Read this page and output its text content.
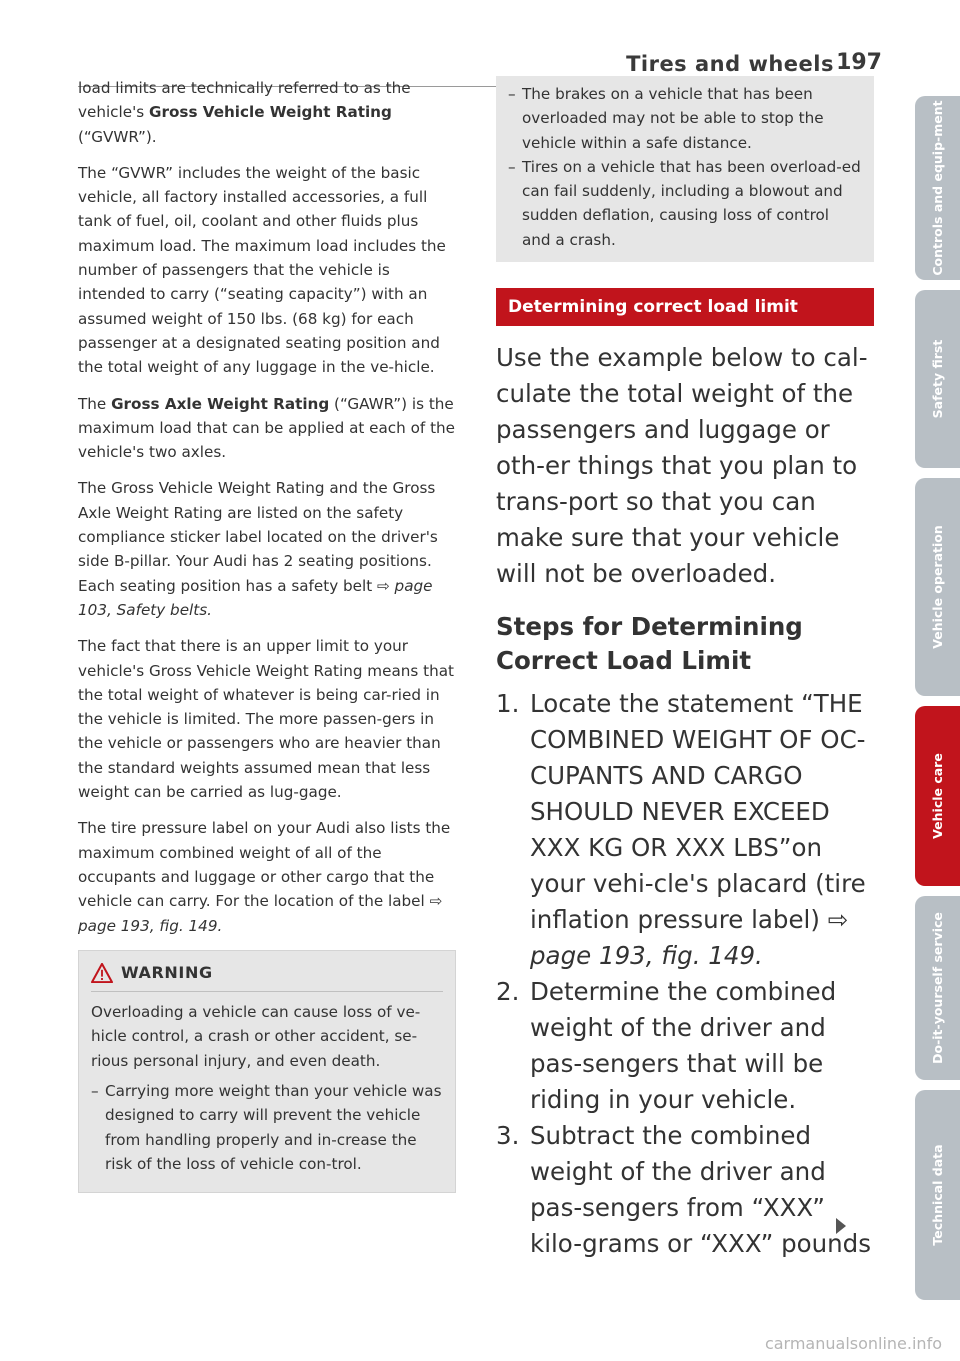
Tires and wheels 197

load limits are technically referred to as the vehicle's Gross Vehicle Weight Rating (“GVWR”).

The “GVWR” includes the weight of the basic vehicle, all factory installed accessories, a full tank of fuel, oil, coolant and other fluids plus maximum load. The maximum load includes the number of passengers that the vehicle is intended to carry (“seating capacity”) with an assumed weight of 150 lbs. (68 kg) for each passenger at a designated seating position and the total weight of any luggage in the ve-hicle.

The Gross Axle Weight Rating (“GAWR”) is the maximum load that can be applied at each of the vehicle's two axles.

The Gross Vehicle Weight Rating and the Gross Axle Weight Rating are listed on the safety compliance sticker label located on the driver's side B-pillar. Your Audi has 2 seating positions. Each seating position has a safety belt ⇨ page 103, Safety belts.

The fact that there is an upper limit to your vehicle's Gross Vehicle Weight Rating means that the total weight of whatever is being car-ried in the vehicle is limited. The more passen-gers in the vehicle or passengers who are heavier than the standard weights assumed mean that less weight can be carried as lug-gage.

The tire pressure label on your Audi also lists the maximum combined weight of all of the occupants and luggage or other cargo that the vehicle can carry. For the location of the label ⇨ page 193, fig. 149.

WARNING

Overloading a vehicle can cause loss of ve-hicle control, a crash or other accident, se-rious personal injury, and even death.

– Carrying more weight than your vehicle was designed to carry will prevent the vehicle from handling properly and in-crease the risk of the loss of vehicle con-trol.
– The brakes on a vehicle that has been overloaded may not be able to stop the vehicle within a safe distance.
– Tires on a vehicle that has been overload-ed can fail suddenly, including a blowout and sudden deflation, causing loss of control and a crash.
Determining correct load limit

Use the example below to cal-culate the total weight of the passengers and luggage or oth-er things that you plan to trans-port so that you can make sure that your vehicle will not be overloaded.

Steps for Determining Correct Load Limit
1. Locate the statement “THE COMBINED WEIGHT OF OC-CUPANTS AND CARGO SHOULD NEVER EXCEED XXX KG OR XXX LBS”on your vehi-cle's placard (tire inflation pressure label) ⇨ page 193, fig. 149.
2. Determine the combined weight of the driver and pas-sengers that will be riding in your vehicle.
3. Subtract the combined weight of the driver and pas-sengers from “XXX” kilo-grams or “XXX” pounds
Controls and equip-ment
Safety first
Vehicle operation
Vehicle care
Do-it-yourself service
Technical data
carmanualsonline.info
